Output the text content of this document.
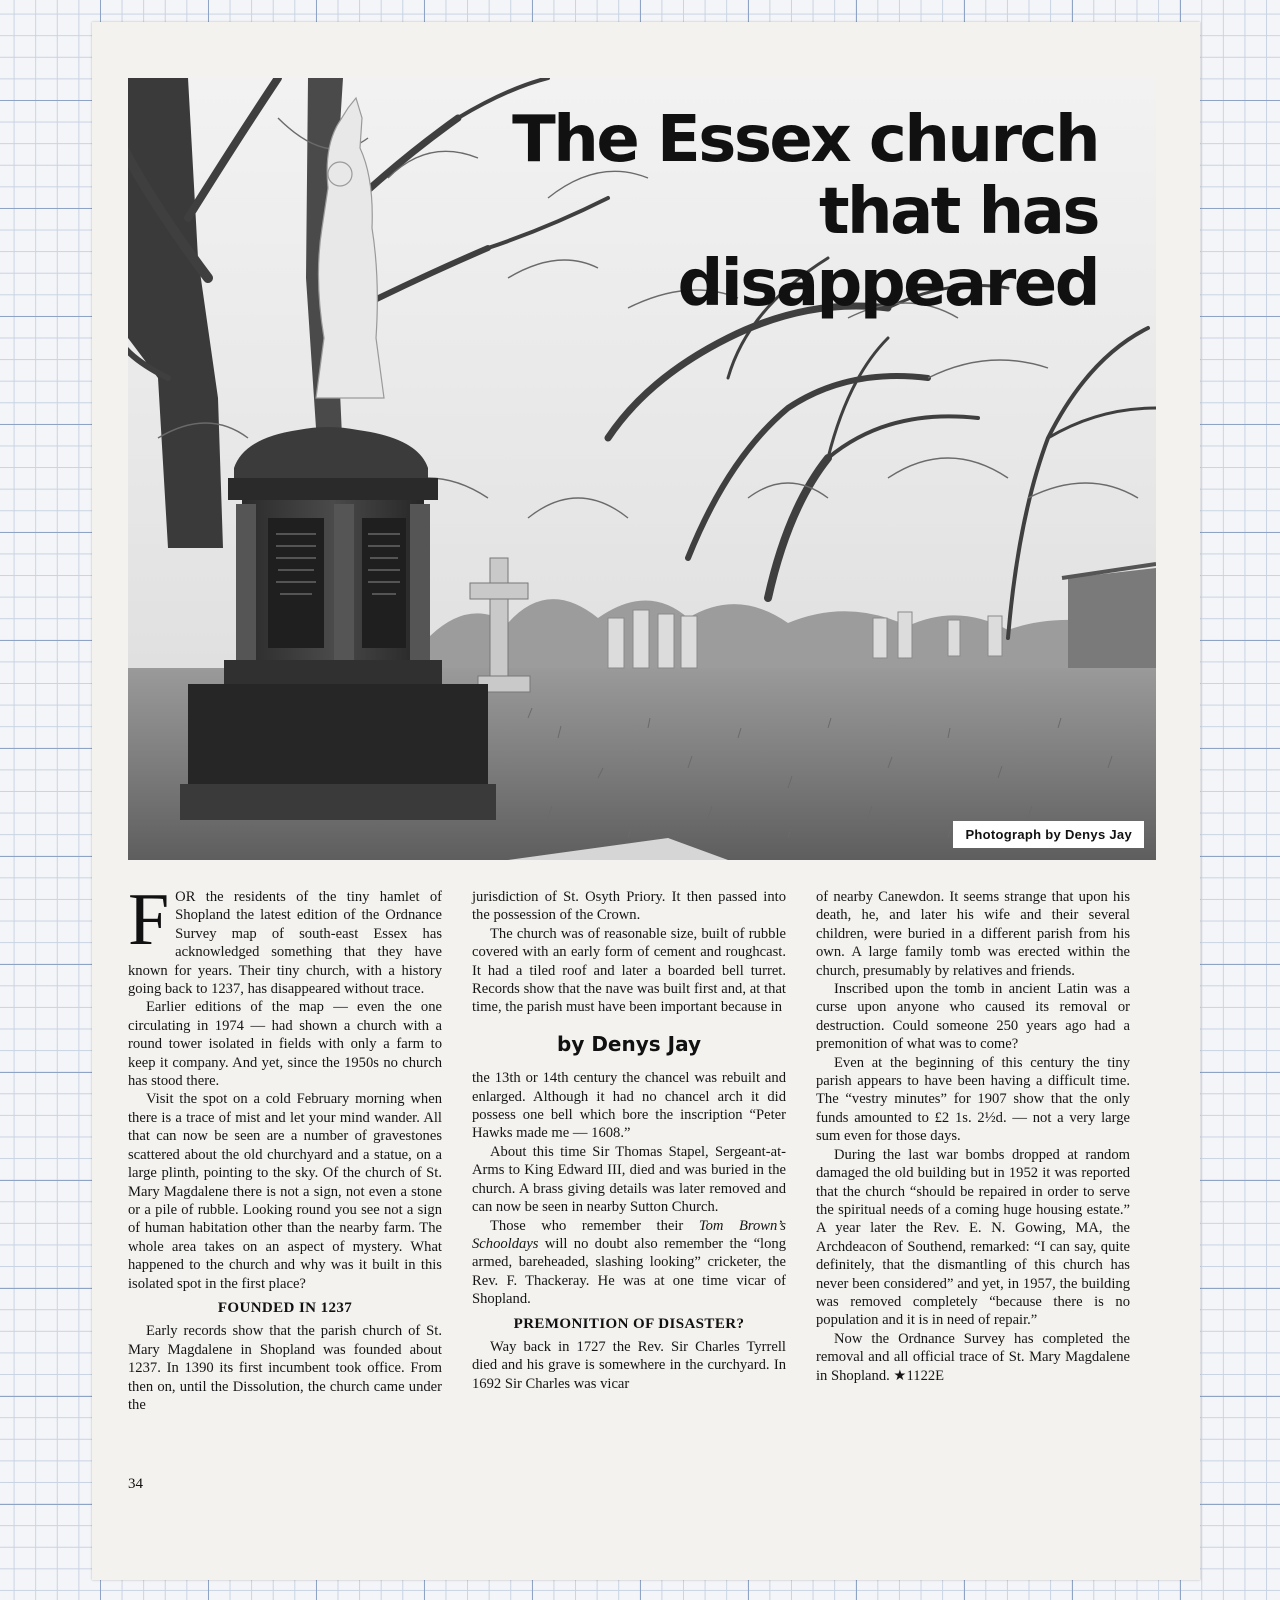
The Essex church
that has
disappeared
Photograph by Denys Jay

FOR the residents of the tiny hamlet of Shopland the latest edition of the Ordnance Survey map of south-east Essex has acknowledged something that they have known for years. Their tiny church, with a history going back to 1237, has disappeared without trace.

Earlier editions of the map — even the one circulating in 1974 — had shown a church with a round tower isolated in fields with only a farm to keep it company. And yet, since the 1950s no church has stood there.

Visit the spot on a cold February morning when there is a trace of mist and let your mind wander. All that can now be seen are a number of gravestones scattered about the old churchyard and a statue, on a large plinth, pointing to the sky. Of the church of St. Mary Magdalene there is not a sign, not even a stone or a pile of rubble. Looking round you see not a sign of human habitation other than the nearby farm. The whole area takes on an aspect of mystery. What happened to the church and why was it built in this isolated spot in the first place?

FOUNDED IN 1237

Early records show that the parish church of St. Mary Magdalene in Shopland was founded about 1237. In 1390 its first incumbent took office. From then on, until the Dissolution, the church came under the

jurisdiction of St. Osyth Priory. It then passed into the possession of the Crown.

The church was of reasonable size, built of rubble covered with an early form of cement and roughcast. It had a tiled roof and later a boarded bell turret. Records show that the nave was built first and, at that time, the parish must have been important because in

by Denys Jay

the 13th or 14th century the chancel was rebuilt and enlarged. Although it had no chancel arch it did possess one bell which bore the inscription “Peter Hawks made me — 1608.”

About this time Sir Thomas Stapel, Sergeant-at-Arms to King Edward III, died and was buried in the church. A brass giving details was later removed and can now be seen in nearby Sutton Church.

Those who remember their Tom Brown’s Schooldays will no doubt also remember the “long armed, bareheaded, slashing looking” cricketer, the Rev. F. Thackeray. He was at one time vicar of Shopland.

PREMONITION OF DISASTER?

Way back in 1727 the Rev. Sir Charles Tyrrell died and his grave is somewhere in the curchyard. In 1692 Sir Charles was vicar

of nearby Canewdon. It seems strange that upon his death, he, and later his wife and their several children, were buried in a different parish from his own. A large family tomb was erected within the church, presumably by relatives and friends.

Inscribed upon the tomb in ancient Latin was a curse upon anyone who caused its removal or destruction. Could someone 250 years ago had a premonition of what was to come?

Even at the beginning of this century the tiny parish appears to have been having a difficult time. The “vestry minutes” for 1907 show that the only funds amounted to £2 1s. 2½d. — not a very large sum even for those days.

During the last war bombs dropped at random damaged the old building but in 1952 it was reported that the church “should be repaired in order to serve the spiritual needs of a coming huge housing estate.” A year later the Rev. E. N. Gowing, MA, the Archdeacon of Southend, remarked: “I can say, quite definitely, that the dismantling of this church has never been considered” and yet, in 1957, the building was removed completely “because there is no population and it is in need of repair.”

Now the Ordnance Survey has completed the removal and all official trace of St. Mary Magdalene in Shopland. ★1122E

34
